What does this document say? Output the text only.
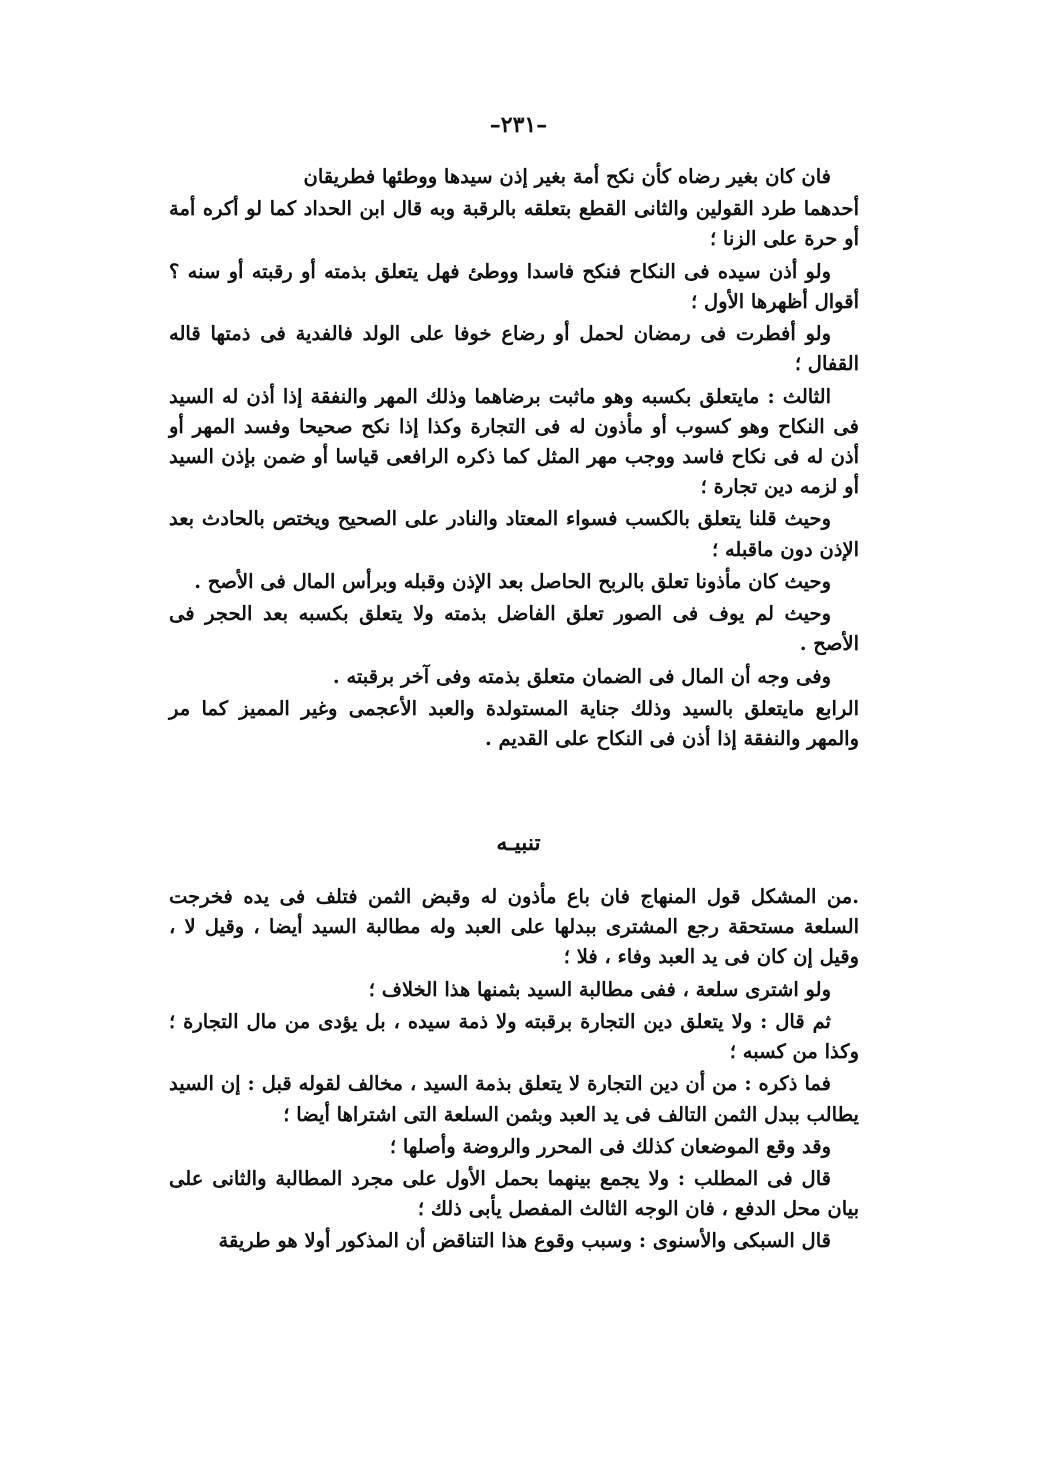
–٢٣١–

فان كان بغير رضاه كأن نكح أمة بغير إذن سيدها ووطئها فطريقان

أحدهما طرد القولين والثانى القطع بتعلقه بالرقبة وبه قال ابن الحداد كما لو أكره أمة أو حرة على الزنا ؛

ولو أذن سيده فى النكاح فنكح فاسدا ووطئ فهل يتعلق بذمته أو رقبته أو سنه ؟ أقوال أظهرها الأول ؛

ولو أفطرت فى رمضان لحمل أو رضاع خوفا على الولد فالفدية فى ذمتها قاله القفال ؛

الثالث : مايتعلق بكسبه وهو ماثبت برضاهما وذلك المهر والنفقة إذا أذن له السيد فى النكاح وهو كسوب أو مأذون له فى التجارة وكذا إذا نكح صحيحا وفسد المهر أو أذن له فى نكاح فاسد ووجب مهر المثل كما ذكره الرافعى قياسا أو ضمن بإذن السيد أو لزمه دين تجارة ؛

وحيث قلنا يتعلق بالكسب فسواء المعتاد والنادر على الصحيح ويختص بالحادث بعد الإذن دون ماقبله ؛

وحيث كان مأذونا تعلق بالربح الحاصل بعد الإذن وقبله وبرأس المال فى الأصح .

وحيث لم يوف فى الصور تعلق الفاضل بذمته ولا يتعلق بكسبه بعد الحجر فى الأصح .

وفى وجه أن المال فى الضمان متعلق بذمته وفى آخر برقبته .

الرابع مايتعلق بالسيد وذلك جناية المستولدة والعبد الأعجمى وغير المميز كما مر والمهر والنفقة إذا أذن فى النكاح على القديم .

تنبيـه

.من المشكل قول المنهاج فان باع مأذون له وقبض الثمن فتلف فى يده فخرجت السلعة مستحقة رجع المشترى ببدلها على العبد وله مطالبة السيد أيضا ، وقيل لا ، وقيل إن كان فى يد العبد وفاء ، فلا ؛

ولو اشترى سلعة ، ففى مطالبة السيد بثمنها هذا الخلاف ؛

ثم قال : ولا يتعلق دين التجارة برقبته ولا ذمة سيده ، بل يؤدى من مال التجارة ؛ وكذا من كسبه ؛

فما ذكره : من أن دين التجارة لا يتعلق بذمة السيد ، مخالف لقوله قبل : إن السيد يطالب ببدل الثمن التالف فى يد العبد وبثمن السلعة التى اشتراها أيضا ؛

وقد وقع الموضعان كذلك فى المحرر والروضة وأصلها ؛

قال فى المطلب : ولا يجمع بينهما بحمل الأول على مجرد المطالبة والثانى على بيان محل الدفع ، فان الوجه الثالث المفصل يأبى ذلك ؛

قال السبكى والأسنوى : وسبب وقوع هذا التناقض أن المذكور أولا هو طريقة
